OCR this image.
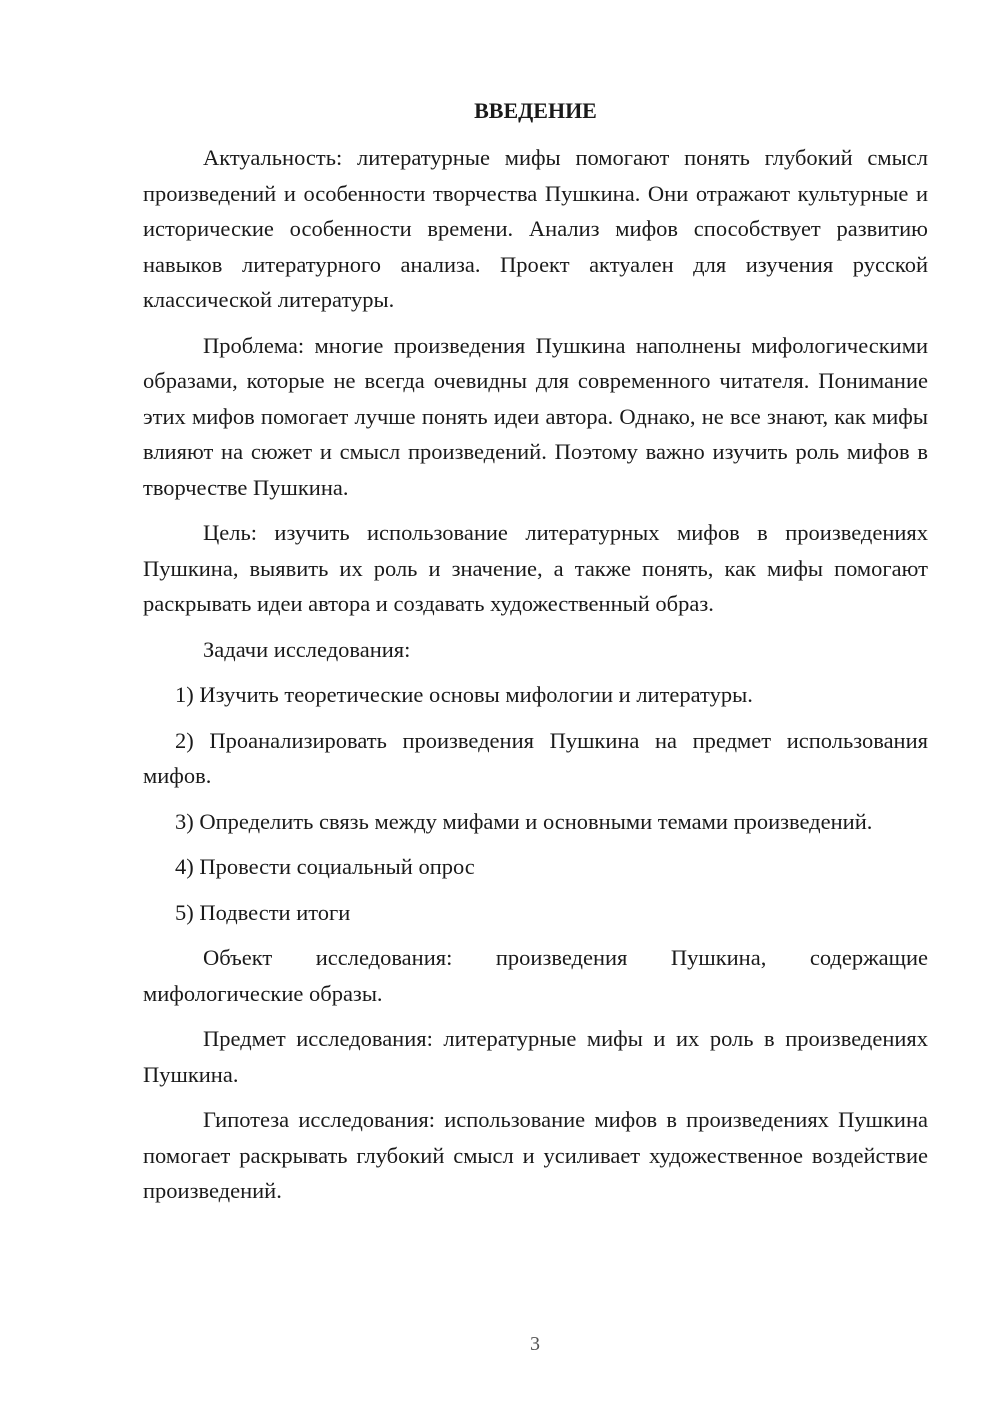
ВВЕДЕНИЕ

Актуальность: литературные мифы помогают понять глубокий смысл произведений и особенности творчества Пушкина. Они отражают культурные и исторические особенности времени. Анализ мифов способствует развитию навыков литературного анализа. Проект актуален для изучения русской классической литературы.

Проблема: многие произведения Пушкина наполнены мифологическими образами, которые не всегда очевидны для современного читателя. Понимание этих мифов помогает лучше понять идеи автора. Однако, не все знают, как мифы влияют на сюжет и смысл произведений. Поэтому важно изучить роль мифов в творчестве Пушкина.

Цель: изучить использование литературных мифов в произведениях Пушкина, выявить их роль и значение, а также понять, как мифы помогают раскрывать идеи автора и создавать художественный образ.

Задачи исследования:

1) Изучить теоретические основы мифологии и литературы.

2) Проанализировать произведения Пушкина на предмет использования мифов.

3) Определить связь между мифами и основными темами произведений.

4) Провести социальный опрос

5) Подвести итоги

Объект исследования: произведения Пушкина, содержащие мифологические образы.

Предмет исследования: литературные мифы и их роль в произведениях Пушкина.

Гипотеза исследования: использование мифов в произведениях Пушкина помогает раскрывать глубокий смысл и усиливает художественное воздействие произведений.

3
